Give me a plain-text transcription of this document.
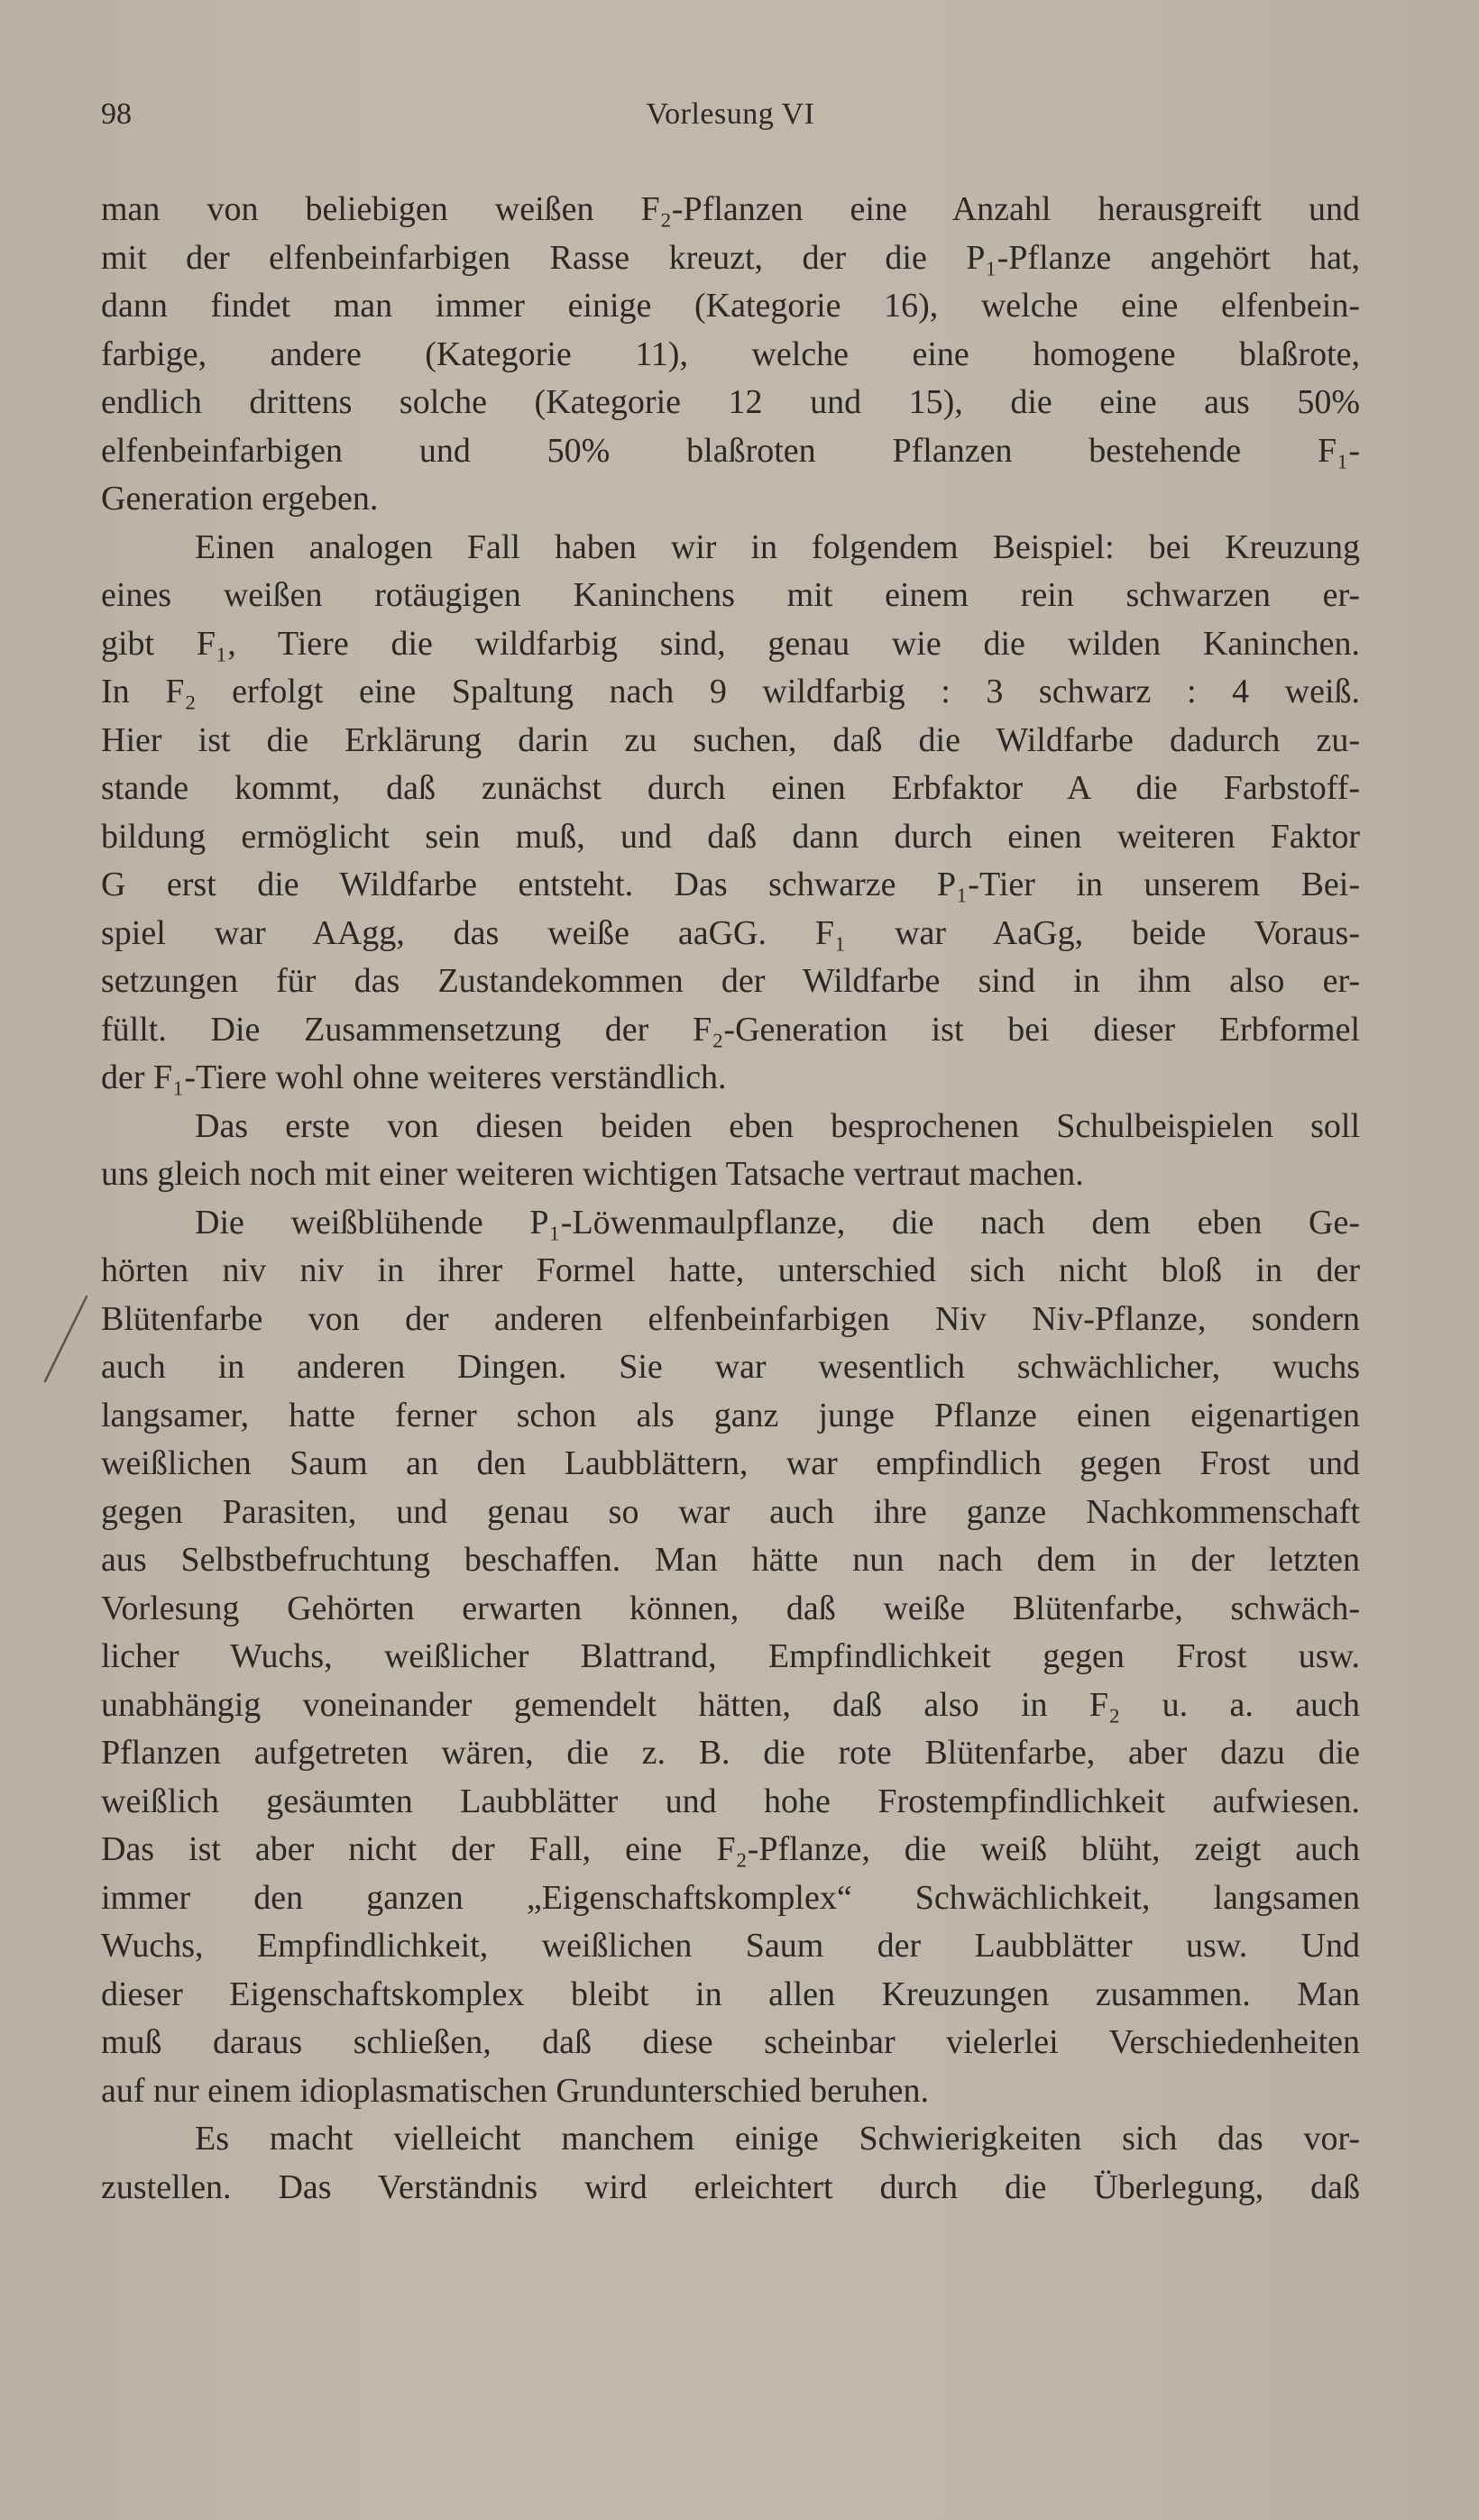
98	Vorlesung VI
man von beliebigen weißen F₂-Pflanzen eine Anzahl herausgreift und
mit der elfenbeinfarbigen Rasse kreuzt, der die P₁-Pflanze angehört hat,
dann findet man immer einige (Kategorie 16), welche eine elfenbein-
farbige, andere (Kategorie 11), welche eine homogene blaßrote,
endlich drittens solche (Kategorie 12 und 15), die eine aus 50%
elfenbeinfarbigen und 50% blaßroten Pflanzen bestehende F₁-
Generation ergeben.
Einen analogen Fall haben wir in folgendem Beispiel: bei Kreuzung
eines weißen rotäugigen Kaninchens mit einem rein schwarzen er-
gibt F₁, Tiere die wildfarbig sind, genau wie die wilden Kaninchen.
In F₂ erfolgt eine Spaltung nach 9 wildfarbig : 3 schwarz : 4 weiß.
Hier ist die Erklärung darin zu suchen, daß die Wildfarbe dadurch zu-
stande kommt, daß zunächst durch einen Erbfaktor A die Farbstoff-
bildung ermöglicht sein muß, und daß dann durch einen weiteren Faktor
G erst die Wildfarbe entsteht. Das schwarze P₁-Tier in unserem Bei-
spiel war AAgg, das weiße aaGG. F₁ war AaGg, beide Voraus-
setzungen für das Zustandekommen der Wildfarbe sind in ihm also er-
füllt. Die Zusammensetzung der F₂-Generation ist bei dieser Erbformel
der F₁-Tiere wohl ohne weiteres verständlich.
Das erste von diesen beiden eben besprochenen Schulbeispielen soll
uns gleich noch mit einer weiteren wichtigen Tatsache vertraut machen.
Die weißblühende P₁-Löwenmaulpflanze, die nach dem eben Ge-
hörten niv niv in ihrer Formel hatte, unterschied sich nicht bloß in der
Blütenfarbe von der anderen elfenbeinfarbigen Niv Niv-Pflanze, sondern
auch in anderen Dingen. Sie war wesentlich schwächlicher, wuchs
langsamer, hatte ferner schon als ganz junge Pflanze einen eigenartigen
weißlichen Saum an den Laubblättern, war empfindlich gegen Frost und
gegen Parasiten, und genau so war auch ihre ganze Nachkommenschaft
aus Selbstbefruchtung beschaffen. Man hätte nun nach dem in der letzten
Vorlesung Gehörten erwarten können, daß weiße Blütenfarbe, schwäch-
licher Wuchs, weißlicher Blattrand, Empfindlichkeit gegen Frost usw.
unabhängig voneinander gemendelt hätten, daß also in F₂ u. a. auch
Pflanzen aufgetreten wären, die z. B. die rote Blütenfarbe, aber dazu die
weißlich gesäumten Laubblätter und hohe Frostempfindlichkeit aufwiesen.
Das ist aber nicht der Fall, eine F₂-Pflanze, die weiß blüht, zeigt auch
immer den ganzen „Eigenschaftskomplex“ Schwächlichkeit, langsamen
Wuchs, Empfindlichkeit, weißlichen Saum der Laubblätter usw. Und
dieser Eigenschaftskomplex bleibt in allen Kreuzungen zusammen. Man
muß daraus schließen, daß diese scheinbar vielerlei Verschiedenheiten
auf nur einem idioplasmatischen Grundunterschied beruhen.
Es macht vielleicht manchem einige Schwierigkeiten sich das vor-
zustellen. Das Verständnis wird erleichtert durch die Überlegung, daß
